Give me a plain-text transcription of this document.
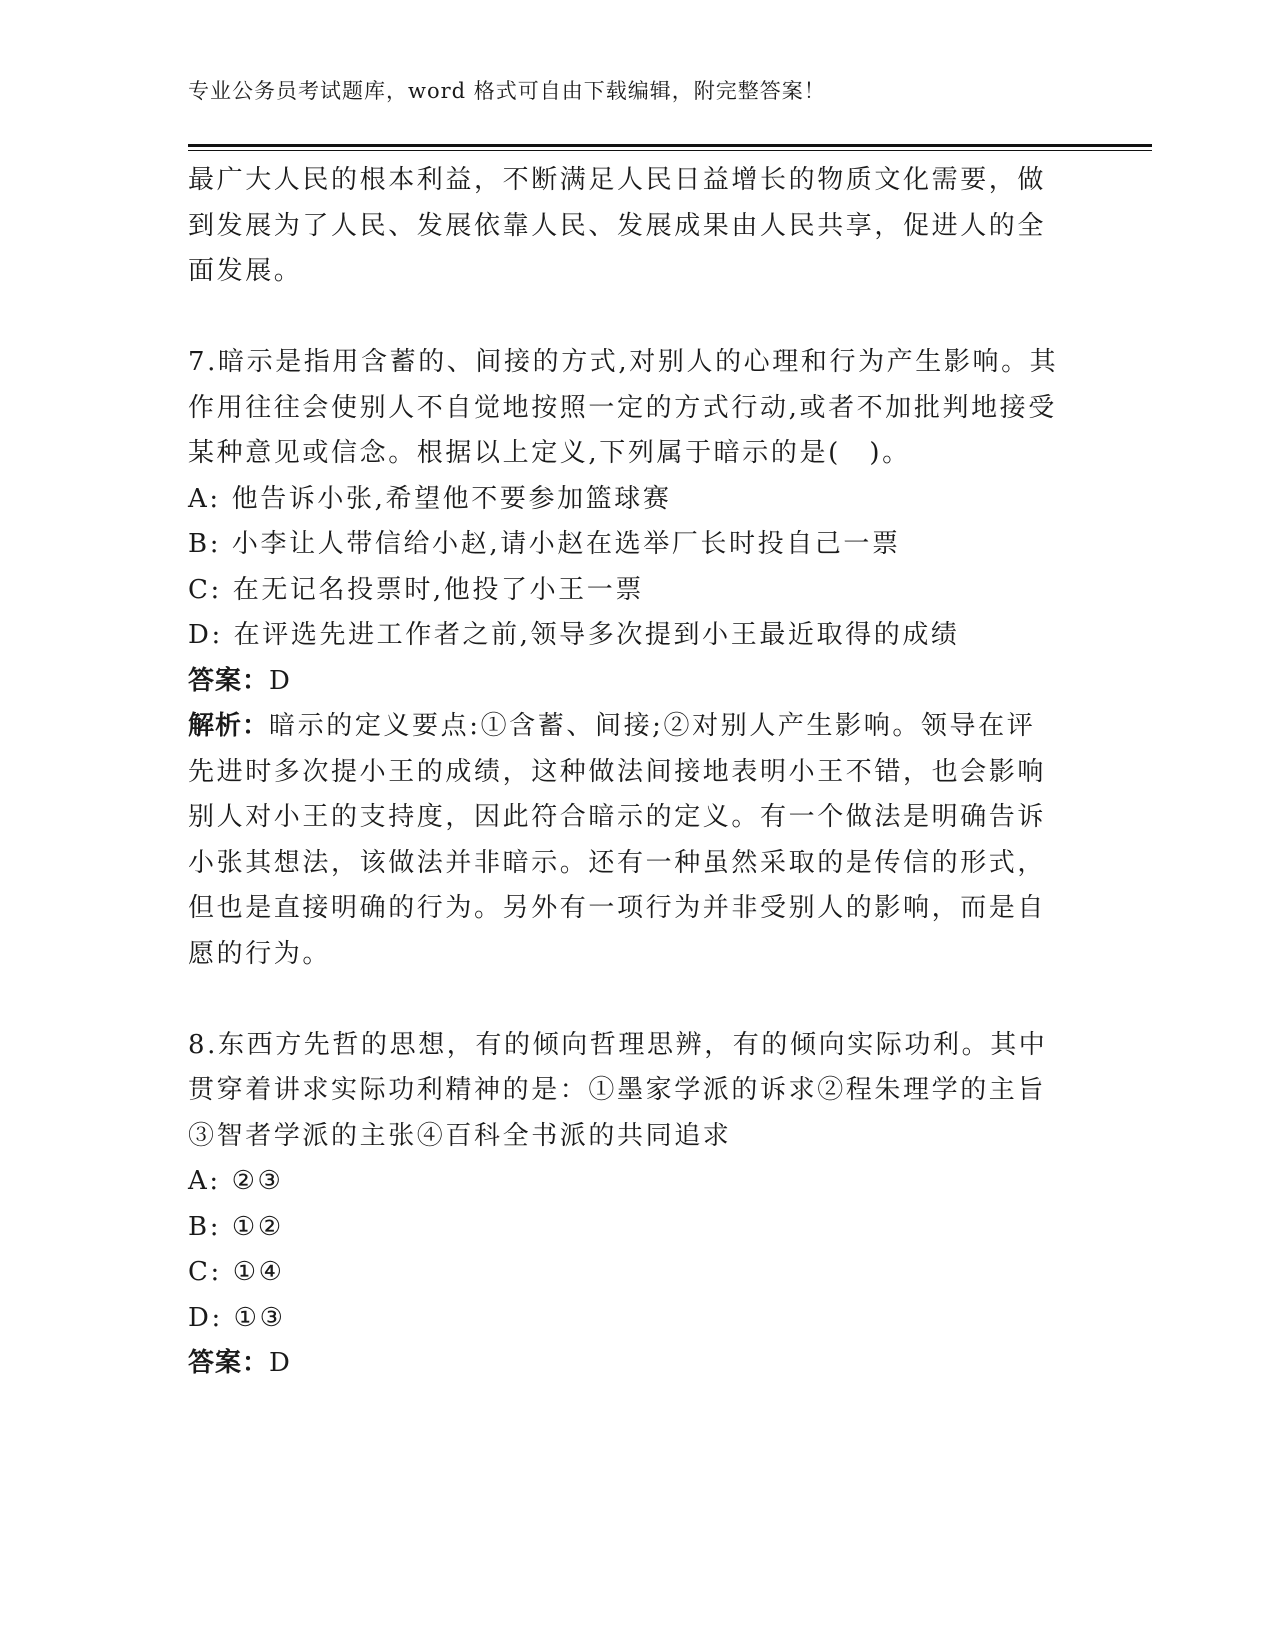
专业公务员考试题库，word 格式可自由下载编辑，附完整答案！
最广大人民的根本利益，不断满足人民日益增长的物质文化需要，做
到发展为了人民、发展依靠人民、发展成果由人民共享，促进人的全
面发展。
7.暗示是指用含蓄的、间接的方式,对别人的心理和行为产生影响。其
作用往往会使别人不自觉地按照一定的方式行动,或者不加批判地接受
某种意见或信念。根据以上定义,下列属于暗示的是(　)。
A: 他告诉小张,希望他不要参加篮球赛
B: 小李让人带信给小赵,请小赵在选举厂长时投自己一票
C: 在无记名投票时,他投了小王一票
D: 在评选先进工作者之前,领导多次提到小王最近取得的成绩
答案：D
解析：暗示的定义要点:①含蓄、间接;②对别人产生影响。领导在评
先进时多次提小王的成绩，这种做法间接地表明小王不错，也会影响
别人对小王的支持度，因此符合暗示的定义。有一个做法是明确告诉
小张其想法，该做法并非暗示。还有一种虽然采取的是传信的形式，
但也是直接明确的行为。另外有一项行为并非受别人的影响，而是自
愿的行为。
8.东西方先哲的思想，有的倾向哲理思辨，有的倾向实际功利。其中
贯穿着讲求实际功利精神的是：①墨家学派的诉求②程朱理学的主旨
③智者学派的主张④百科全书派的共同追求
A: ②③
B: ①②
C: ①④
D: ①③
答案：D
